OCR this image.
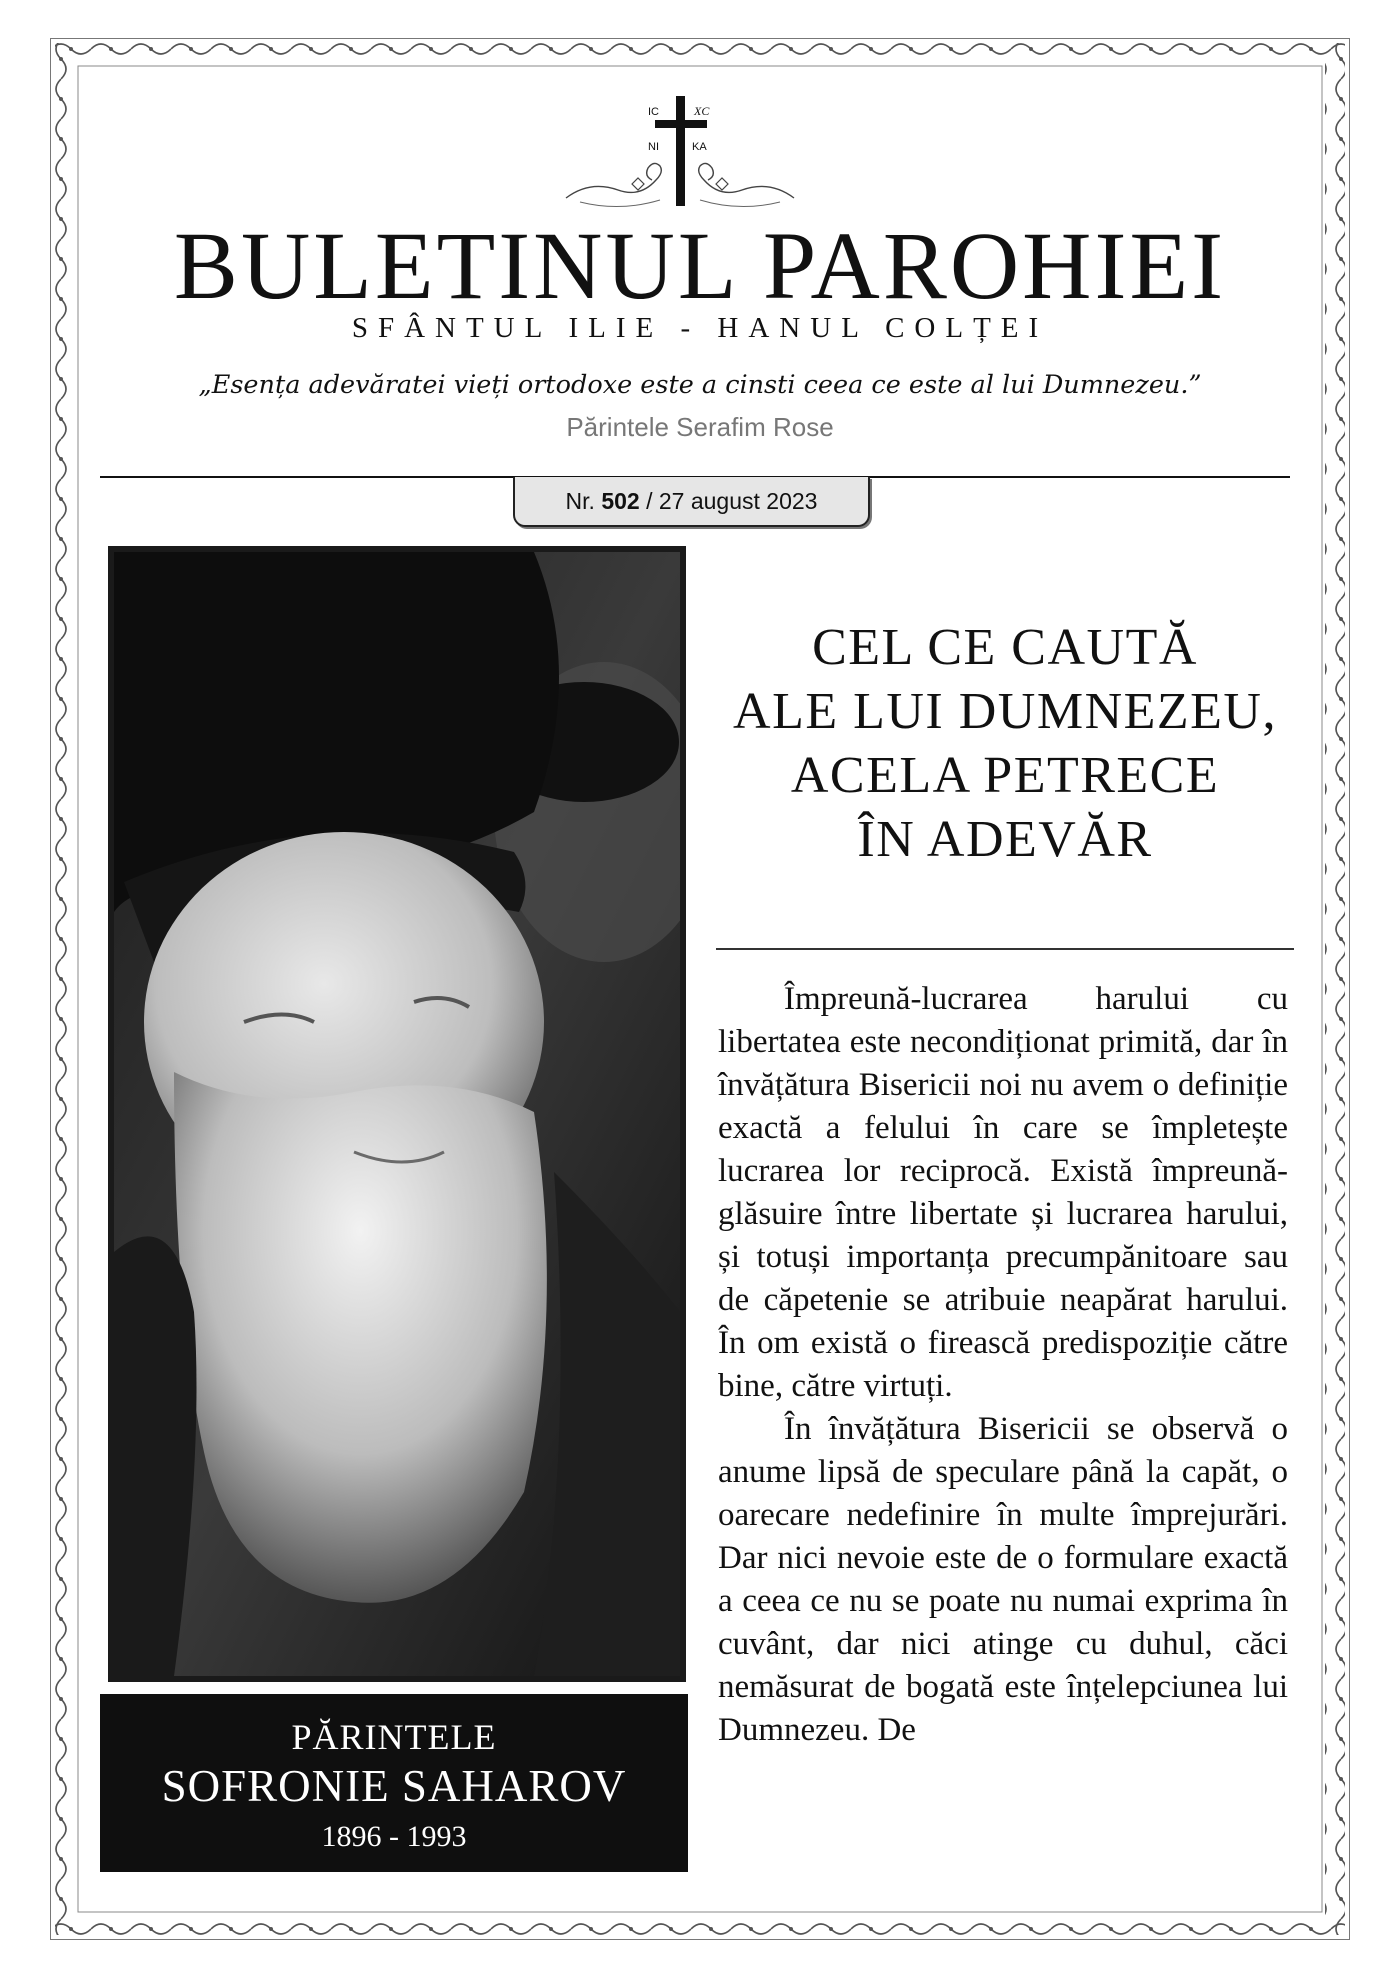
IC	XC
NI	KA
BULETINUL PAROHIEI
SFÂNTUL ILIE - HANUL COLȚEI
„Esența adevăratei vieți ortodoxe este a cinsti ceea ce este al lui Dumnezeu.”
Părintele Serafim Rose
Nr.
502
/ 27 august 2023
PĂRINTELE
SOFRONIE SAHAROV
1896 - 1993
CEL CE CAUTĂ
ALE LUI DUMNEZEU,
ACELA PETRECE
ÎN ADEVĂR

Împreună-lucrarea harului cu libertatea este necondiționat primită, dar în învățătura Bisericii noi nu avem o definiție exactă a felului în care se împletește lucrarea lor reciprocă. Există împreună-glăsuire între libertate și lucrarea harului, și totuși importanța precumpănitoare sau de căpetenie se atribuie neapărat harului. În om există o firească predispoziție către bine, către virtuți.

În învățătura Bisericii se observă o anume lipsă de speculare până la capăt, o oarecare nedefinire în multe împrejurări. Dar nici nevoie este de o formulare exactă a ceea ce nu se poate nu numai exprima în cuvânt, dar nici atinge cu duhul, căci nemăsurat de bogată este înțelepciunea lui Dumnezeu. De
